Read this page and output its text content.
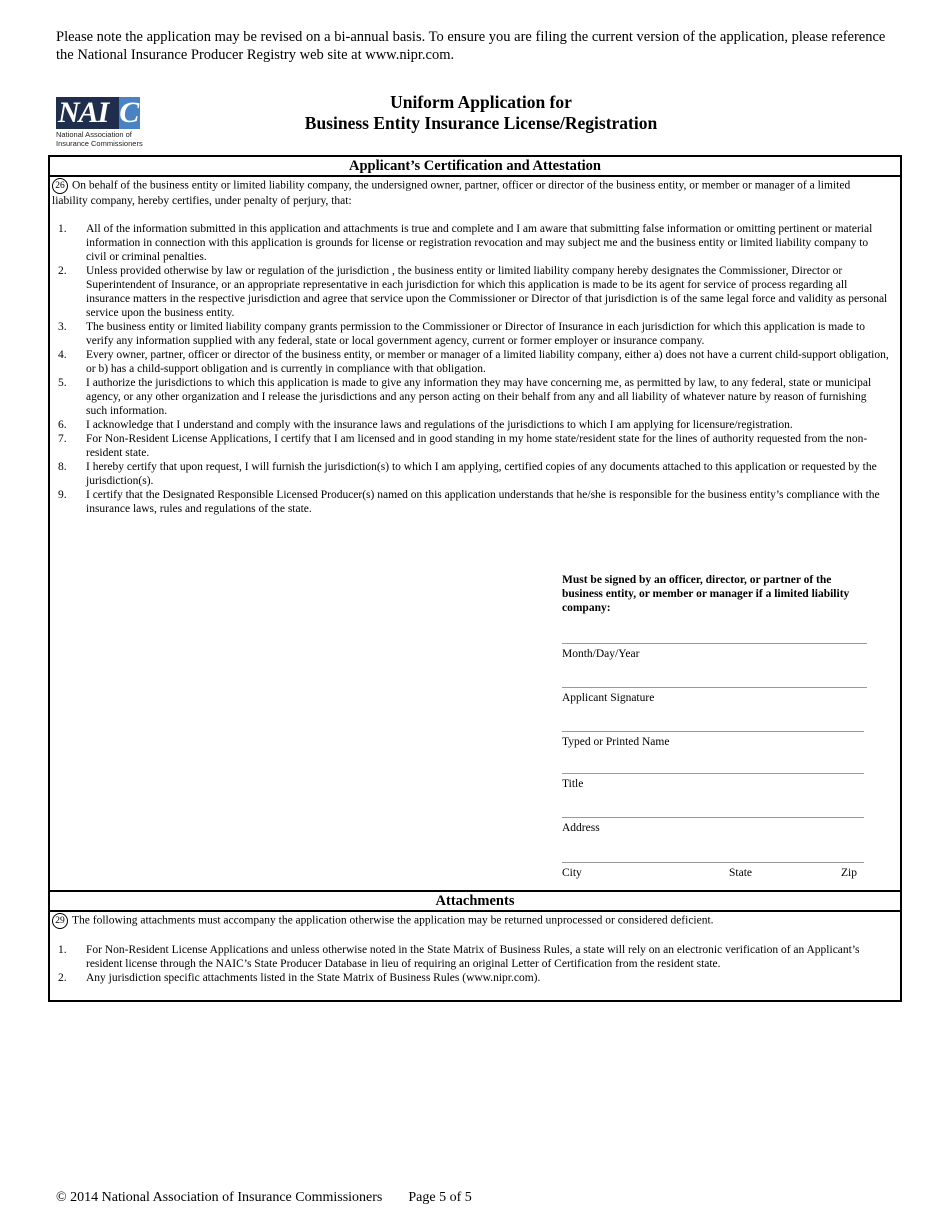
Please note the application may be revised on a bi-annual basis. To ensure you are filing the current version of the application, please reference the National Insurance Producer Registry web site at www.nipr.com.
NAI C
National Association of
Insurance Commissioners
Uniform Application for
Business Entity Insurance License/Registration
Applicant’s Certification and Attestation
26 On behalf of the business entity or limited liability company, the undersigned owner, partner, officer or director of the business entity, or member or manager of a limited liability company, hereby certifies, under penalty of perjury, that:
1. All of the information submitted in this application and attachments is true and complete and I am aware that submitting false information or omitting pertinent or material information in connection with this application is grounds for license or registration revocation and may subject me and the business entity or limited liability company to civil or criminal penalties.
2. Unless provided otherwise by law or regulation of the jurisdiction , the business entity or limited liability company hereby designates the Commissioner, Director or Superintendent of Insurance, or an appropriate representative in each jurisdiction for which this application is made to be its agent for service of process regarding all insurance matters in the respective jurisdiction and agree that service upon the Commissioner or Director of that jurisdiction is of the same legal force and validity as personal service upon the business entity.
3. The business entity or limited liability company grants permission to the Commissioner or Director of Insurance in each jurisdiction for which this application is made to verify any information supplied with any federal, state or local government agency, current or former employer or insurance company.
4. Every owner, partner, officer or director of the business entity, or member or manager of a limited liability company, either a) does not have a current child-support obligation, or b) has a child-support obligation and is currently in compliance with that obligation.
5. I authorize the jurisdictions to which this application is made to give any information they may have concerning me, as permitted by law, to any federal, state or municipal agency, or any other organization and I release the jurisdictions and any person acting on their behalf from any and all liability of whatever nature by reason of furnishing such information.
6. I acknowledge that I understand and comply with the insurance laws and regulations of the jurisdictions to which I am applying for licensure/registration.
7. For Non-Resident License Applications, I certify that I am licensed and in good standing in my home state/resident state for the lines of authority requested from the non-resident state.
8. I hereby certify that upon request, I will furnish the jurisdiction(s) to which I am applying, certified copies of any documents attached to this application or requested by the jurisdiction(s).
9. I certify that the Designated Responsible Licensed Producer(s) named on this application understands that he/she is responsible for the business entity’s compliance with the insurance laws, rules and regulations of the state.
Must be signed by an officer, director, or partner of the business entity, or member or manager if a limited liability company:
Month/Day/Year
Applicant Signature
Typed or Printed Name
Title
Address
City	State	Zip
Attachments
29 The following attachments must accompany the application otherwise the application may be returned unprocessed or considered deficient.
1. For Non-Resident License Applications and unless otherwise noted in the State Matrix of Business Rules, a state will rely on an electronic verification of an Applicant’s resident license through the NAIC’s State Producer Database in lieu of requiring an original Letter of Certification from the resident state.
2. Any jurisdiction specific attachments listed in the State Matrix of Business Rules (www.nipr.com).
© 2014 National Association of Insurance Commissioners Page 5 of 5
